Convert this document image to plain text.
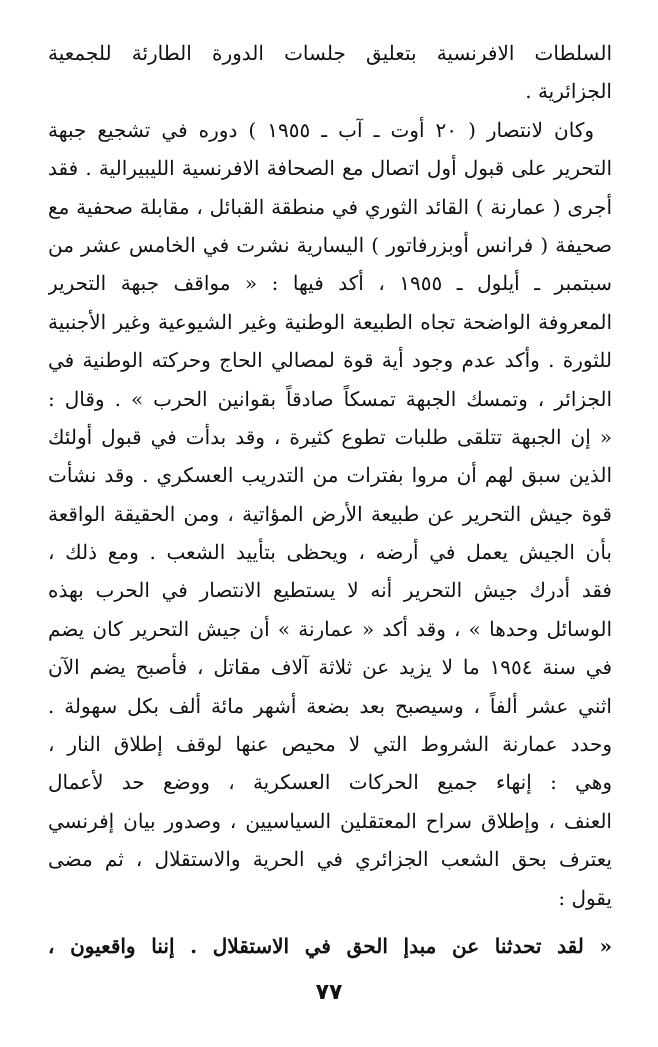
السلطات الافرنسية بتعليق جلسات الدورة الطارئة للجمعية
الجزائرية .
وكان لانتصار ( ٢٠ أوت ـ آب ـ ١٩٥٥ ) دوره في تشجيع جبهة
التحرير على قبول أول اتصال مع الصحافة الافرنسية الليبيرالية . فقد
أجرى ( عمارنة ) القائد الثوري في منطقة القبائل ، مقابلة صحفية مع
صحيفة ( فرانس أوبزرفاتور ) اليسارية نشرت في الخامس عشر من
سبتمبر ـ أيلول ـ ١٩٥٥ ، أكد فيها : « مواقف جبهة التحرير
المعروفة الواضحة تجاه الطبيعة الوطنية وغير الشيوعية وغير الأجنبية
للثورة . وأكد عدم وجود أية قوة لمصالي الحاج وحركته الوطنية في
الجزائر ، وتمسك الجبهة تمسكاً صادقاً بقوانين الحرب » . وقال :
« إن الجبهة تتلقى طلبات تطوع كثيرة ، وقد بدأت في قبول أولئك
الذين سبق لهم أن مروا بفترات من التدريب العسكري . وقد نشأت
قوة جيش التحرير عن طبيعة الأرض المؤاتية ، ومن الحقيقة الواقعة
بأن الجيش يعمل في أرضه ، ويحظى بتأييد الشعب . ومع ذلك ،
فقد أدرك جيش التحرير أنه لا يستطيع الانتصار في الحرب بهذه
الوسائل وحدها » ، وقد أكد « عمارنة » أن جيش التحرير كان يضم
في سنة ١٩٥٤ ما لا يزيد عن ثلاثة آلاف مقاتل ، فأصبح يضم الآن
اثني عشر ألفاً ، وسيصبح بعد بضعة أشهر مائة ألف بكل سهولة .
وحدد عمارنة الشروط التي لا محيص عنها لوقف إطلاق النار ،
وهي : إنهاء جميع الحركات العسكرية ، ووضع حد لأعمال
العنف ، وإطلاق سراح المعتقلين السياسيين ، وصدور بيان إفرنسي
يعترف بحق الشعب الجزائري في الحرية والاستقلال ، ثم مضى
يقول :
« لقد تحدثنا عن مبدإ الحق في الاستقلال . إننا واقعيون ،
٧٧
